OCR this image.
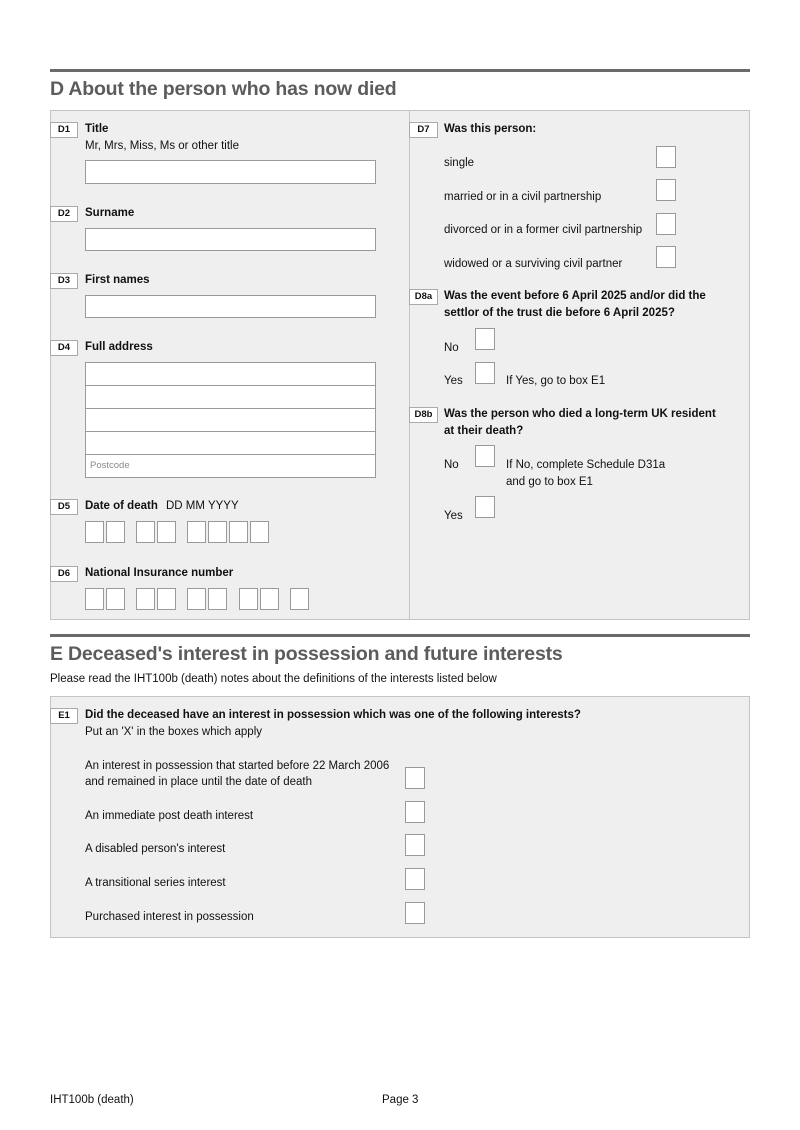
D About the person who has now died
D1	Title
Mr, Mrs, Miss, Ms or other title
D2	Surname
D3	First names
D4	Full address
Postcode
D5	Date of death DD MM YYYY
D6	National Insurance number
D7	Was this person:
single
married or in a civil partnership
divorced or in a former civil partnership
widowed or a surviving civil partner
D8a	Was the event before 6 April 2025 and/or did the
settlor of the trust die before 6 April 2025?
No
Yes	If Yes, go to box E1
D8b	Was the person who died a long-term UK resident
at their death?
No	If No, complete Schedule D31a
and go to box E1
Yes
E Deceased's interest in possession and future interests
Please read the IHT100b (death) notes about the definitions of the interests listed below
E1	Did the deceased have an interest in possession which was one of the following interests?
Put an 'X' in the boxes which apply
An interest in possession that started before 22 March 2006
and remained in place until the date of death
An immediate post death interest
A disabled person's interest
A transitional series interest
Purchased interest in possession
IHT100b (death)	Page 3
